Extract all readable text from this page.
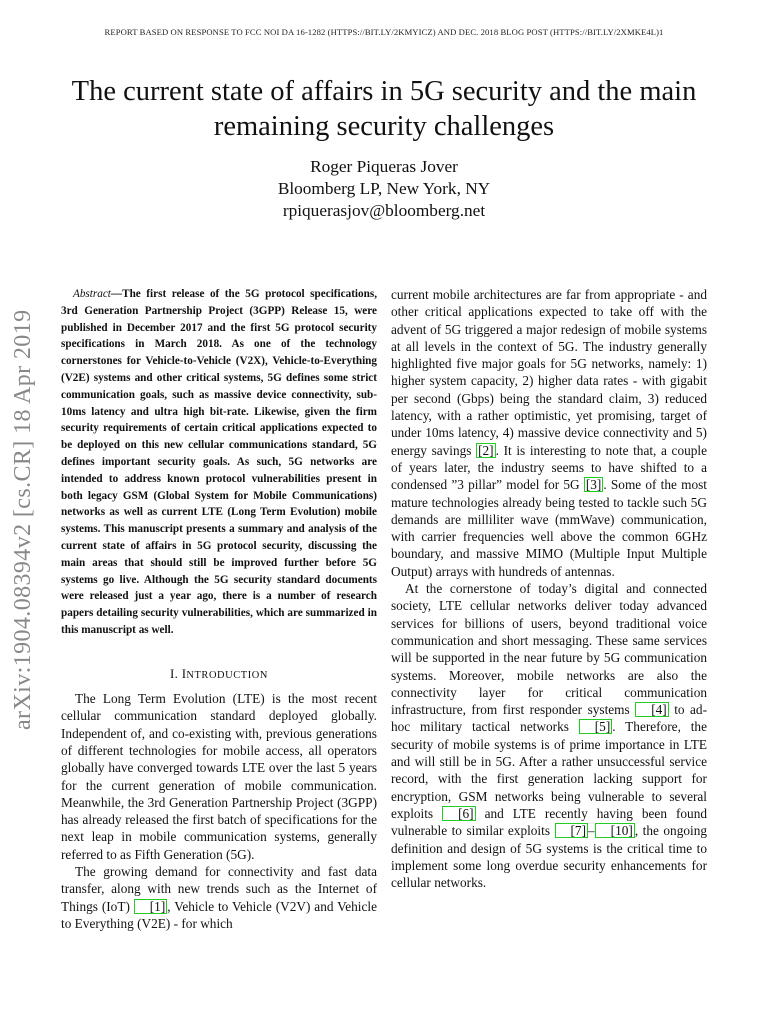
REPORT BASED ON RESPONSE TO FCC NOI DA 16-1282 (HTTPS://BIT.LY/2KMYICZ) AND DEC. 2018 BLOG POST (HTTPS://BIT.LY/2XMKE4L)1
The current state of affairs in 5G security and the main remaining security challenges
Roger Piqueras Jover
Bloomberg LP, New York, NY
rpiquerasjov@bloomberg.net
arXiv:1904.08394v2 [cs.CR] 18 Apr 2019

Abstract—The first release of the 5G protocol specifications, 3rd Generation Partnership Project (3GPP) Release 15, were published in December 2017 and the first 5G protocol security specifications in March 2018. As one of the technology cornerstones for Vehicle-to-Vehicle (V2X), Vehicle-to-Everything (V2E) systems and other critical systems, 5G defines some strict communication goals, such as massive device connectivity, sub-10ms latency and ultra high bit-rate. Likewise, given the firm security requirements of certain critical applications expected to be deployed on this new cellular communications standard, 5G defines important security goals. As such, 5G networks are intended to address known protocol vulnerabilities present in both legacy GSM (Global System for Mobile Communications) networks as well as current LTE (Long Term Evolution) mobile systems. This manuscript presents a summary and analysis of the current state of affairs in 5G protocol security, discussing the main areas that should still be improved further before 5G systems go live. Although the 5G security standard documents were released just a year ago, there is a number of research papers detailing security vulnerabilities, which are summarized in this manuscript as well.

I. INTRODUCTION

The Long Term Evolution (LTE) is the most recent cellular communication standard deployed globally. Independent of, and co-existing with, previous generations of different technologies for mobile access, all operators globally have converged towards LTE over the last 5 years for the current generation of mobile communication. Meanwhile, the 3rd Generation Partnership Project (3GPP) has already released the first batch of specifications for the next leap in mobile communication systems, generally referred to as Fifth Generation (5G).

The growing demand for connectivity and fast data transfer, along with new trends such as the Internet of Things (IoT) [1] , Vehicle to Vehicle (V2V) and Vehicle to Everything (V2E) - for which

current mobile architectures are far from appropriate - and other critical applications expected to take off with the advent of 5G triggered a major redesign of mobile systems at all levels in the context of 5G. The industry generally highlighted five major goals for 5G networks, namely: 1) higher system capacity, 2) higher data rates - with gigabit per second (Gbps) being the standard claim, 3) reduced latency, with a rather optimistic, yet promising, target of under 10ms latency, 4) massive device connectivity and 5) energy savings [2] . It is interesting to note that, a couple of years later, the industry seems to have shifted to a condensed ”3 pillar” model for 5G [3] . Some of the most mature technologies already being tested to tackle such 5G demands are milliliter wave (mmWave) communication, with carrier frequencies well above the common 6GHz boundary, and massive MIMO (Multiple Input Multiple Output) arrays with hundreds of antennas.

At the cornerstone of today’s digital and connected society, LTE cellular networks deliver today advanced services for billions of users, beyond traditional voice communication and short messaging. These same services will be supported in the near future by 5G communication systems. Moreover, mobile networks are also the connectivity layer for critical communication infrastructure, from first responder systems [4] to ad-hoc military tactical networks [5] . Therefore, the security of mobile systems is of prime importance in LTE and will still be in 5G. After a rather unsuccessful service record, with the first generation lacking support for encryption, GSM networks being vulnerable to several exploits [6] and LTE recently having been found vulnerable to similar exploits [7] – [10] , the ongoing definition and design of 5G systems is the critical time to implement some long overdue security enhancements for cellular networks.
